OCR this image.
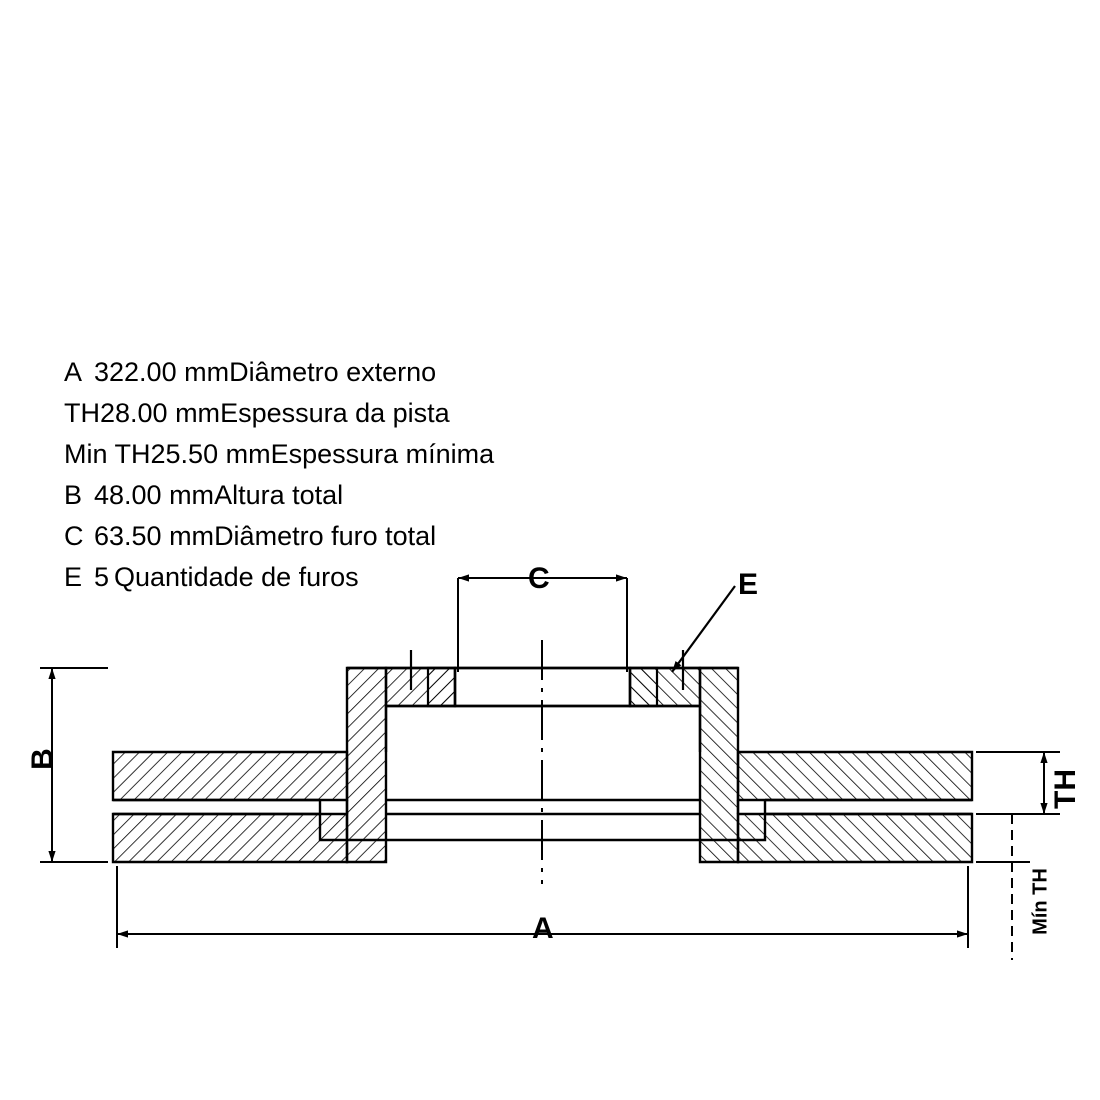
A 322.00 mm Diâmetro externo
TH 28.00 mm Espessura da pista
Min TH 25.50 mm Espessura mínima
B 48.00 mm Altura total
C 63.50 mm Diâmetro furo total
E 5 Quantidade de furos	C	E
B
A
TH
Mín TH
